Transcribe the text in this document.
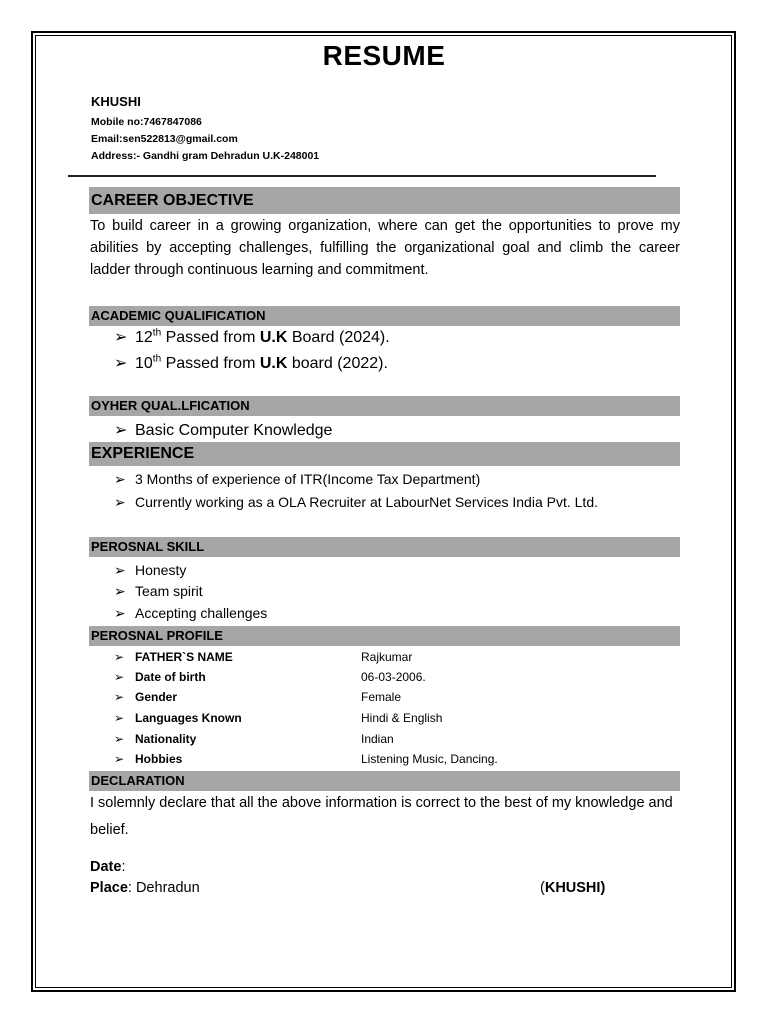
RESUME
KHUSHI
Mobile no:7467847086
Email:sen522813@gmail.com
Address:- Gandhi gram Dehradun U.K-248001
CAREER OBJECTIVE
To build career in a growing organization, where can get the opportunities to prove my abilities by accepting challenges, fulfilling the organizational goal and climb the career ladder through continuous learning and commitment.
ACADEMIC QUALIFICATION
➢ 12th Passed from U.K Board (2024).
➢ 10th Passed from U.K board (2022).
OYHER QUAL.LFICATION
➢ Basic Computer Knowledge
EXPERIENCE
➢ 3 Months of experience of ITR(Income Tax Department)
➢ Currently working as a OLA Recruiter at LabourNet Services India Pvt. Ltd.
PEROSNAL SKILL
➢ Honesty
➢ Team spirit
➢ Accepting challenges
PEROSNAL PROFILE
➢ FATHER`S NAME	Rajkumar
➢ Date of birth	06-03-2006.
➢ Gender	Female
➢ Languages Known	Hindi & English
➢ Nationality	Indian
➢ Hobbies	Listening Music, Dancing.
DECLARATION
I solemnly declare that all the above information is correct to the best of my knowledge and belief.
Date:
Place: Dehradun	(KHUSHI)
